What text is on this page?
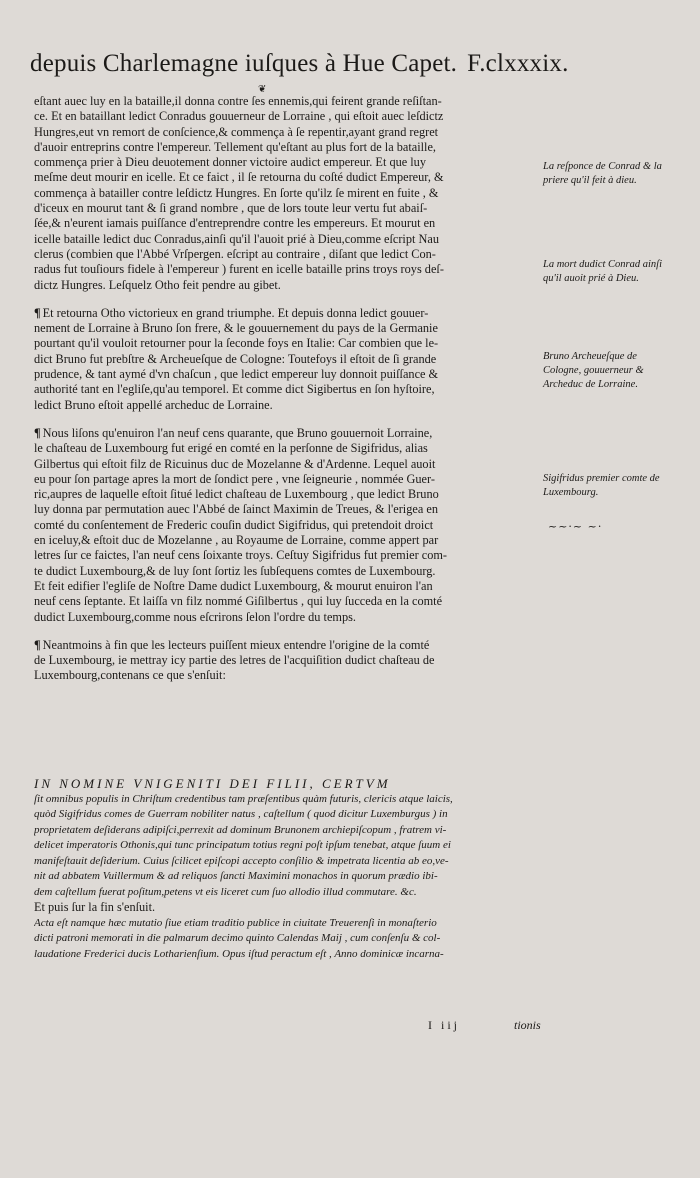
depuis Charlemagne iuſques à Hue Capet. F.clxxxix.
❦
eſtant auec luy en la bataille,il donna contre ſes ennemis,qui feirent grande reſiſtan-
ce. Et en bataillant ledict Conradus gouuerneur de Lorraine , qui eſtoit auec leſdictz
Hungres,eut vn remort de conſcience,& commença à ſe repentir,ayant grand regret
d'auoir entreprins contre l'empereur. Tellement qu'eſtant au plus fort de la bataille,
commença prier à Dieu deuotement donner victoire audict empereur. Et que luy
meſme deut mourir en icelle. Et ce faict , il ſe retourna du coſté dudict Empereur, &
commença à batailler contre leſdictz Hungres. En ſorte qu'ilz ſe mirent en fuite , &
d'iceux en mourut tant & ſi grand nombre , que de lors toute leur vertu fut abaiſ-
ſée,& n'eurent iamais puiſſance d'entreprendre contre les empereurs. Et mourut en
icelle bataille ledict duc Conradus,ainſi qu'il l'auoit prié à Dieu,comme eſcript Nau
clerus (combien que l'Abbé Vrſpergen. eſcript au contraire , diſant que ledict Con-
radus fut touſiours fidele à l'empereur ) furent en icelle bataille prins troys roys deſ-
dictz Hungres. Leſquelz Otho feit pendre au gibet.
¶ Et retourna Otho victorieux en grand triumphe. Et depuis donna ledict gouuer-
nement de Lorraine à Bruno ſon frere, & le gouuernement du pays de la Germanie
pourtant qu'il vouloit retourner pour la ſeconde foys en Italie: Car combien que le-
dict Bruno fut prebſtre & Archeueſque de Cologne: Toutefoys il eſtoit de ſi grande
prudence, & tant aymé d'vn chaſcun , que ledict empereur luy donnoit puiſſance &
authorité tant en l'egliſe,qu'au temporel. Et comme dict Sigibertus en ſon hyſtoire,
ledict Bruno eſtoit appellé archeduc de Lorraine.
¶ Nous liſons qu'enuiron l'an neuf cens quarante, que Bruno gouuernoit Lorraine,
le chaſteau de Luxembourg fut erigé en comté en la perſonne de Sigifridus, alias
Gilbertus qui eſtoit filz de Ricuinus duc de Mozelanne & d'Ardenne. Lequel auoit
eu pour ſon partage apres la mort de ſondict pere , vne ſeigneurie , nommée Guer-
ric,aupres de laquelle eſtoit ſitué ledict chaſteau de Luxembourg , que ledict Bruno
luy donna par permutation auec l'Abbé de ſainct Maximin de Treues, & l'erigea en
comté du conſentement de Frederic couſin dudict Sigifridus, qui pretendoit droict
en iceluy,& eſtoit duc de Mozelanne , au Royaume de Lorraine, comme appert par
letres ſur ce faictes, l'an neuf cens ſoixante troys. Ceſtuy Sigifridus fut premier com-
te dudict Luxembourg,& de luy ſont ſortiz les ſubſequens comtes de Luxembourg.
Et feit edifier l'egliſe de Noſtre Dame dudict Luxembourg, & mourut enuiron l'an
neuf cens ſeptante. Et laiſſa vn filz nommé Giſilbertus , qui luy ſucceda en la comté
dudict Luxembourg,comme nous eſcrirons ſelon l'ordre du temps.
¶ Neantmoins à fin que les lecteurs puiſſent mieux entendre l'origine de la comté
de Luxembourg, ie mettray icy partie des letres de l'acquiſition dudict chaſteau de
Luxembourg,contenans ce que s'enſuit:
La reſponce de Conrad & la priere qu'il feit à dieu.
La mort dudict Conrad ainſi qu'il auoit prié à Dieu.
Bruno Archeueſque de Cologne, gouuerneur & Archeduc de Lorraine.
Sigifridus premier comte de Luxembourg.
~~·~ ~·
IN NOMINE VNIGENITI DEI FILII, CERTVM
ſit omnibus populis in Chriſtum credentibus tam præſentibus quàm futuris, clericis atque laicis,
quòd Sigifridus comes de Guerram nobiliter natus , caſtellum ( quod dicitur Luxemburgus ) in
proprietatem deſiderans adipiſci,perrexit ad dominum Brunonem archiepiſcopum , fratrem vi-
delicet imperatoris Othonis,qui tunc principatum totius regni poſt ipſum tenebat, atque ſuum ei
manifeſtauit deſiderium. Cuius ſcilicet epiſcopi accepto conſilio & impetrata licentia ab eo,ve-
nit ad abbatem Vuillermum & ad reliquos ſancti Maximini monachos in quorum prædio ibi-
dem caſtellum fuerat poſitum,petens vt eis liceret cum ſuo allodio illud commutare. &c.
Et puis ſur la fin s'enſuit.
Acta eſt namque hæc mutatio ſiue etiam traditio publice in ciuitate Treuerenſi in monaſterio
dicti patroni memorati in die palmarum decimo quinto Calendas Maij , cum conſenſu & col-
laudatione Frederici ducis Lotharienſium. Opus iſtud peractum eſt , Anno dominicæ incarna-
I iij	tionis
